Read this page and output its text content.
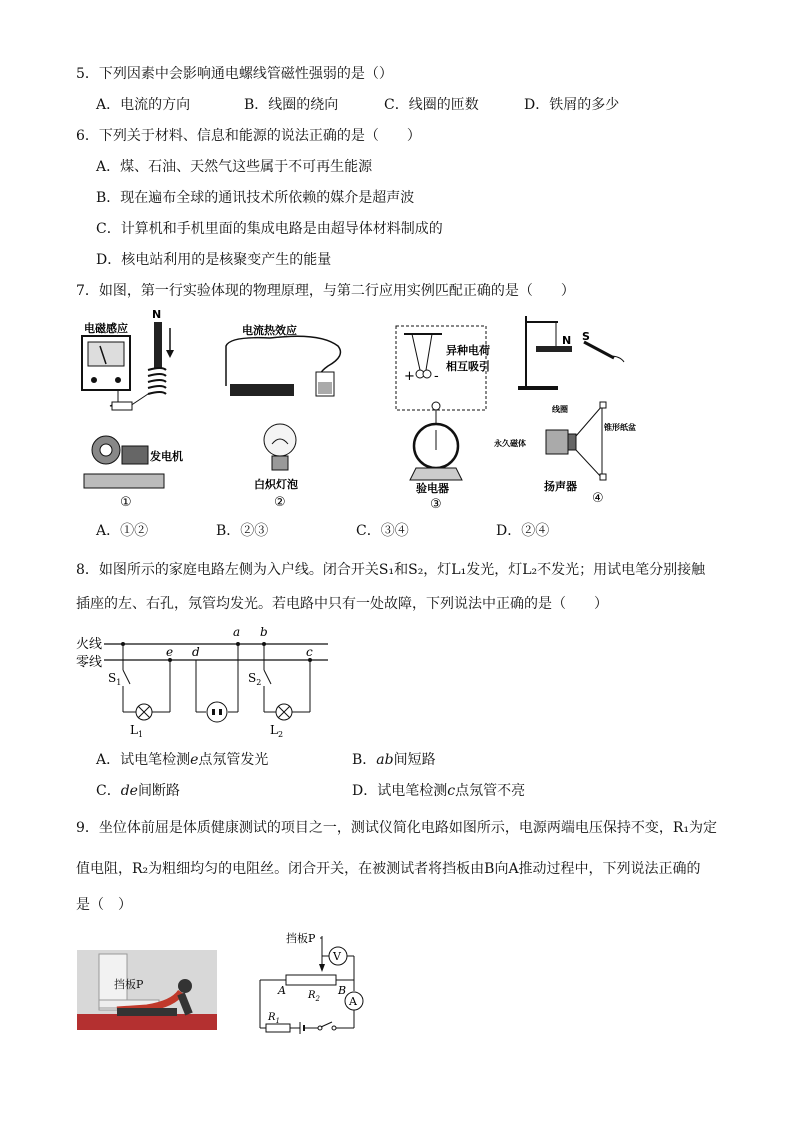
5．下列因素中会影响通电螺线管磁性强弱的是（）
A．电流的方向	B．线圈的绕向	C．线圈的匝数	D．铁屑的多少
6．下列关于材料、信息和能源的说法正确的是（　　）
A．煤、石油、天然气这些属于不可再生能源
B．现在遍布全球的通讯技术所依赖的媒介是超声波
C．计算机和手机里面的集成电路是由超导体材料制成的
D．核电站利用的是核聚变产生的能量
7．如图，第一行实验体现的物理原理，与第二行应用实例匹配正确的是（　　）
电磁感应
N
电流热效应
+ -
异种电荷
相互吸引
N S
发电机
①
白炽灯泡
②
验电器
③
线圈
锥形纸盆
永久磁体
扬声器
④
A．①②	B．②③	C．③④	D．②④
8．如图所示的家庭电路左侧为入户线。闭合开关S₁和S₂，灯L₁发光，灯L₂不发光；用试电笔分别接触
插座的左、右孔，氖管均发光。若电路中只有一处故障，下列说法中正确的是（　　）
火线
零线
a b
c
d
e
$S_1$
$L_1$
$S_2$
$L_2$
A．试电笔检测e点氖管发光	B．ab间短路
C．de间断路	D．试电笔检测c点氖管不亮
9．坐位体前屈是体质健康测试的项目之一，测试仪简化电路如图所示，电源两端电压保持不变，R₁为定
值电阻，R₂为粗细均匀的电阻丝。闭合开关，在被测试者将挡板由B向A推动过程中，下列说法正确的
是（　）
挡板P
挡板P
V
A
A	B
$R_2$
$R_1$
